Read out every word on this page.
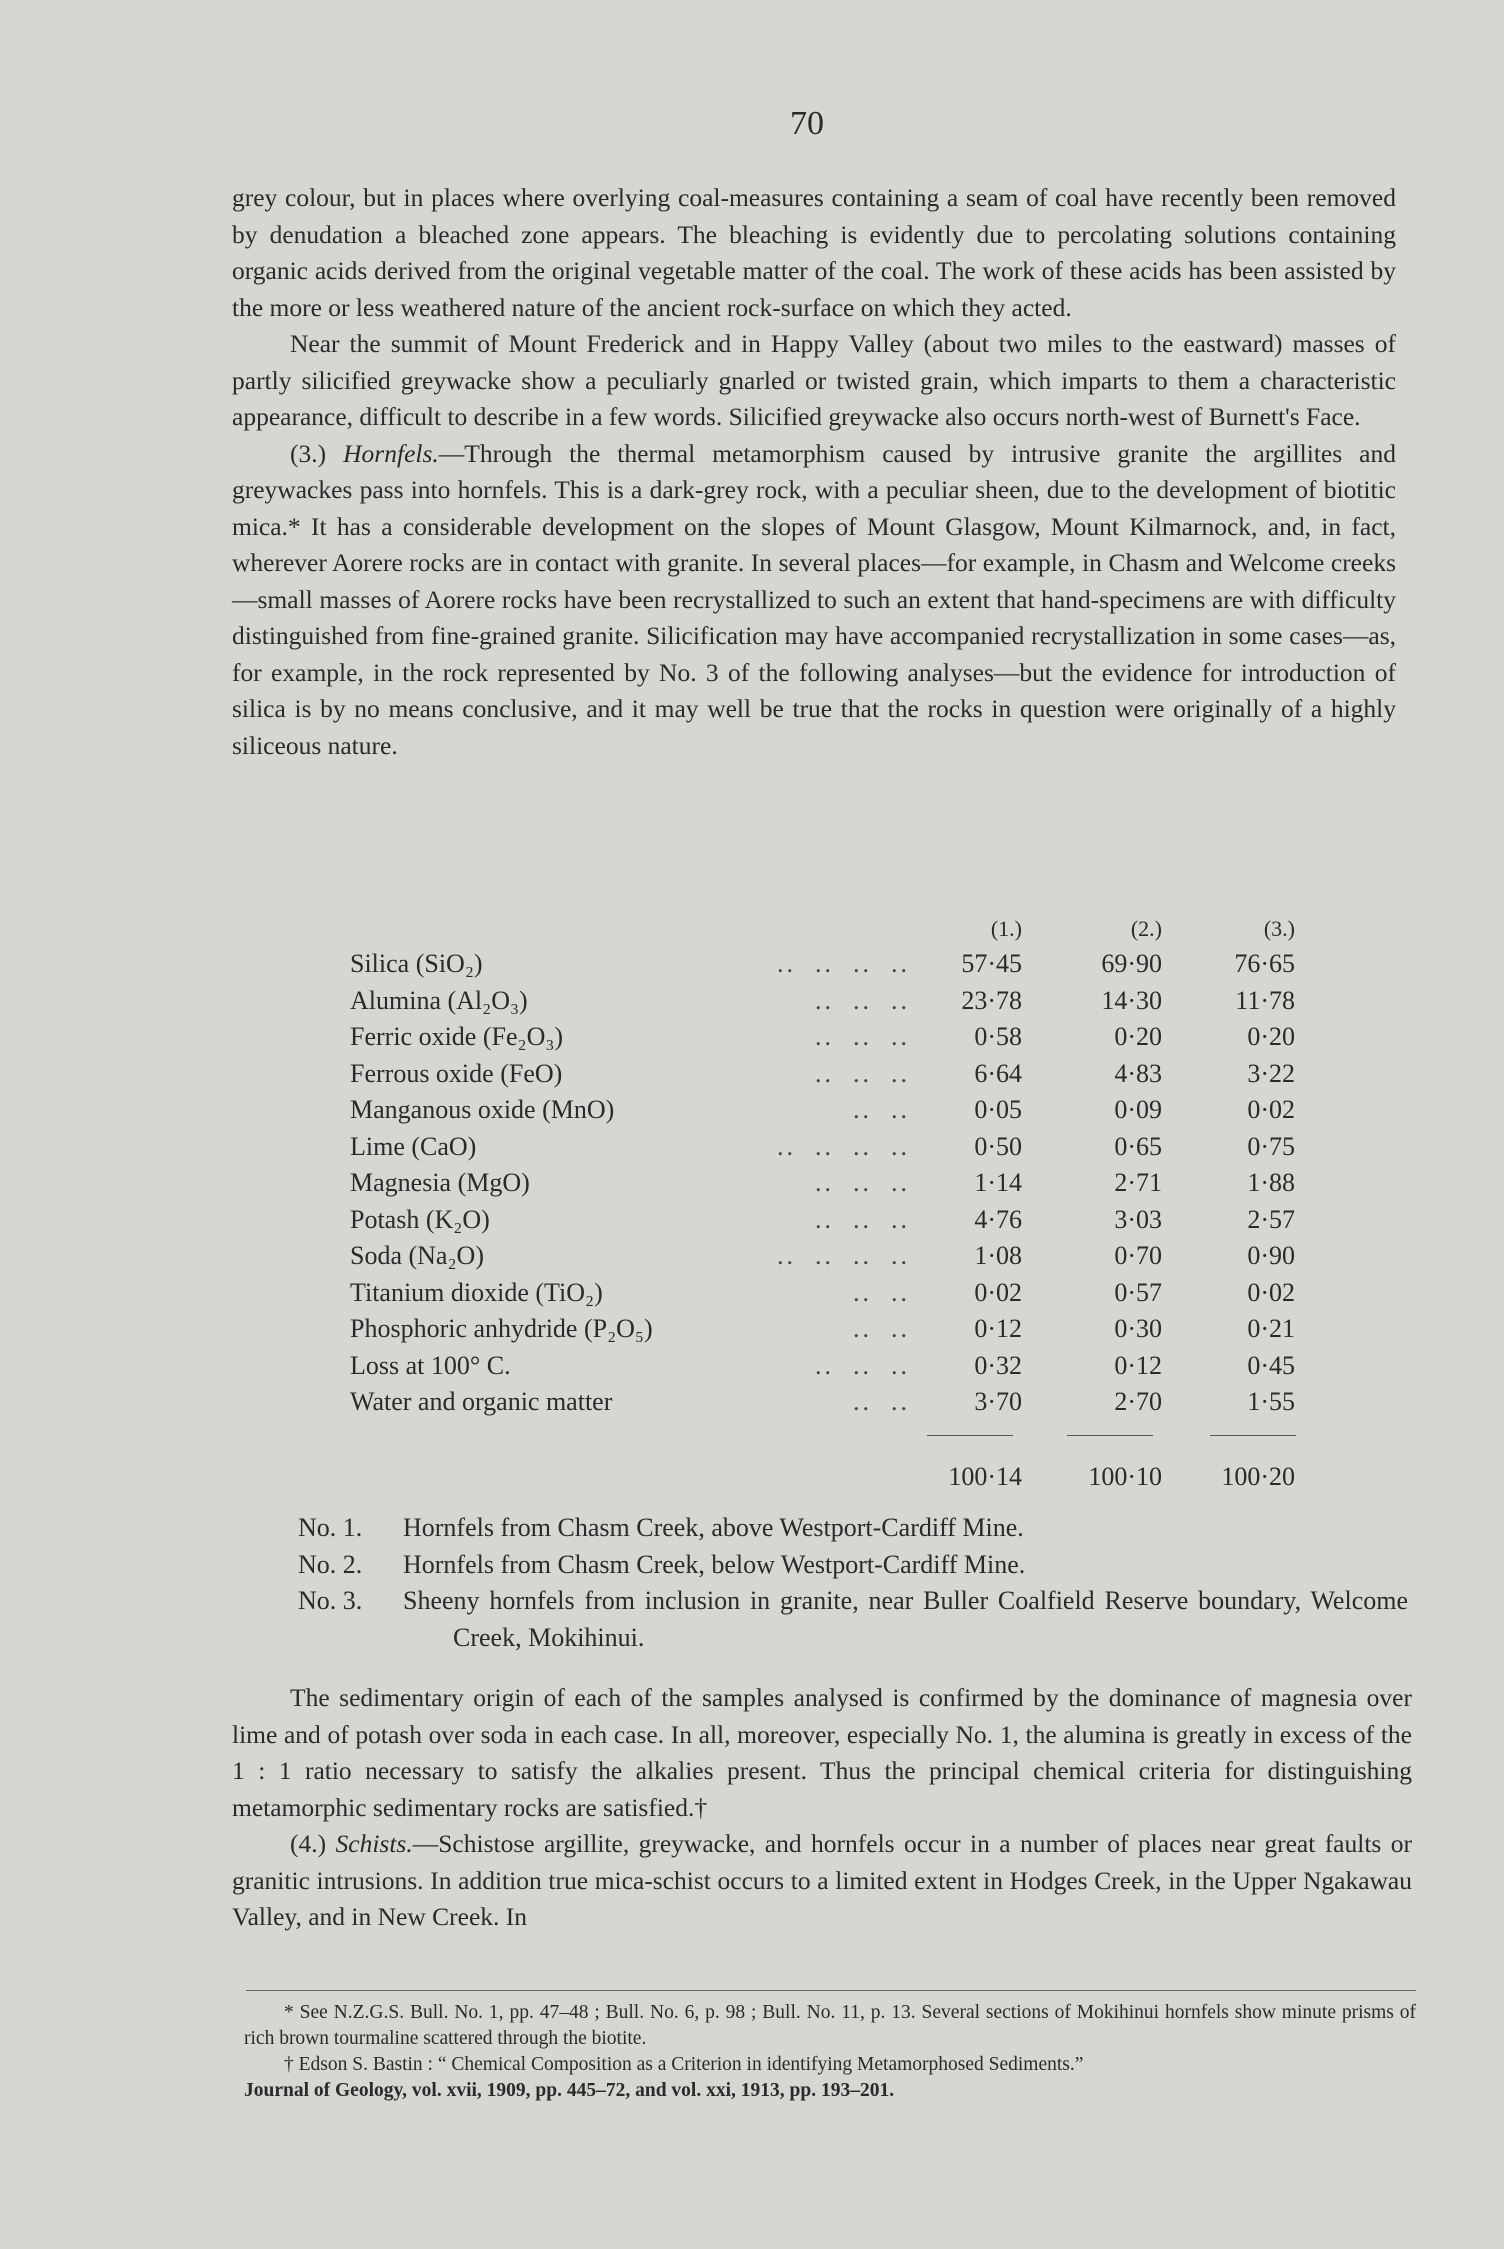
70

grey colour, but in places where overlying coal-measures containing a seam of coal have recently been removed by denudation a bleached zone appears. The bleaching is evidently due to percolating solutions containing organic acids derived from the original vegetable matter of the coal. The work of these acids has been assisted by the more or less weathered nature of the ancient rock-surface on which they acted.

Near the summit of Mount Frederick and in Happy Valley (about two miles to the eastward) masses of partly silicified greywacke show a peculiarly gnarled or twisted grain, which imparts to them a characteristic appearance, difficult to describe in a few words. Silicified greywacke also occurs north-west of Burnett's Face.

(3.) Hornfels.—Through the thermal metamorphism caused by intrusive granite the argillites and greywackes pass into hornfels. This is a dark-grey rock, with a peculiar sheen, due to the development of biotitic mica.* It has a considerable development on the slopes of Mount Glasgow, Mount Kilmarnock, and, in fact, wherever Aorere rocks are in contact with granite. In several places—for example, in Chasm and Welcome creeks—small masses of Aorere rocks have been recrystallized to such an extent that hand-specimens are with difficulty distinguished from fine-grained granite. Silicification may have accompanied recrystallization in some cases—as, for example, in the rock represented by No. 3 of the following analyses—but the evidence for introduction of silica is by no means conclusive, and it may well be true that the rocks in question were originally of a highly siliceous nature.

(1.)	(2.)	(3.)
Silica (SiO₂)	..  ..  ..  ..	57·45	69·90	76·65
Alumina (Al₂O₃)	..  ..  ..	23·78	14·30	11·78
Ferric oxide (Fe₂O₃)	..  ..  ..	0·58	0·20	0·20
Ferrous oxide (FeO)	..  ..  ..	6·64	4·83	3·22
Manganous oxide (MnO)	..  ..	0·05	0·09	0·02
Lime (CaO)	..  ..  ..  ..	0·50	0·65	0·75
Magnesia (MgO)	..  ..  ..	1·14	2·71	1·88
Potash (K₂O)	..  ..  ..	4·76	3·03	2·57
Soda (Na₂O)	..  ..  ..  ..	1·08	0·70	0·90
Titanium dioxide (TiO₂)	..  ..	0·02	0·57	0·02
Phosphoric anhydride (P₂O₅)	..  ..	0·12	0·30	0·21
Loss at 100° C.	..  ..  ..	0·32	0·12	0·45
Water and organic matter	..  ..	3·70	2·70	1·55
100·14	100·10	100·20
No. 1. Hornfels from Chasm Creek, above Westport-Cardiff Mine.
No. 2. Hornfels from Chasm Creek, below Westport-Cardiff Mine.
No. 3. Sheeny hornfels from inclusion in granite, near Buller Coalfield Reserve boundary, Welcome Creek, Mokihinui.

The sedimentary origin of each of the samples analysed is confirmed by the dominance of magnesia over lime and of potash over soda in each case. In all, moreover, especially No. 1, the alumina is greatly in excess of the 1 : 1 ratio necessary to satisfy the alkalies present. Thus the principal chemical criteria for distinguishing metamorphic sedimentary rocks are satisfied.†

(4.) Schists.—Schistose argillite, greywacke, and hornfels occur in a number of places near great faults or granitic intrusions. In addition true mica-schist occurs to a limited extent in Hodges Creek, in the Upper Ngakawau Valley, and in New Creek. In

* See N.Z.G.S. Bull. No. 1, pp. 47–48 ; Bull. No. 6, p. 98 ; Bull. No. 11, p. 13. Several sections of Mokihinui hornfels show minute prisms of rich brown tourmaline scattered through the biotite.

† Edson S. Bastin : “ Chemical Composition as a Criterion in identifying Metamorphosed Sediments.”

Journal of Geology, vol. xvii, 1909, pp. 445–72, and vol. xxi, 1913, pp. 193–201.
